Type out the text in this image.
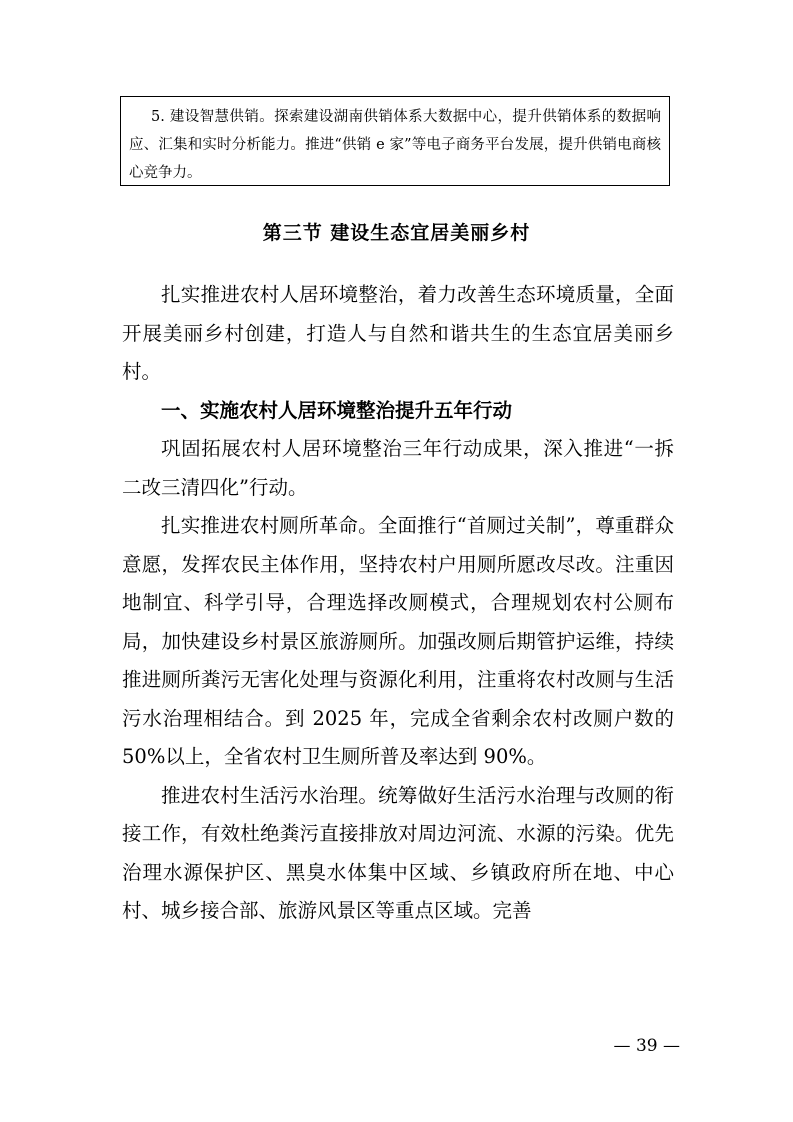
5. 建设智慧供销。探索建设湖南供销体系大数据中心，提升供销体系的数据响应、汇集和实时分析能力。推进“供销 e 家”等电子商务平台发展，提升供销电商核心竞争力。

第三节 建设生态宜居美丽乡村

扎实推进农村人居环境整治，着力改善生态环境质量，全面开展美丽乡村创建，打造人与自然和谐共生的生态宜居美丽乡村。

一、实施农村人居环境整治提升五年行动

巩固拓展农村人居环境整治三年行动成果，深入推进“一拆二改三清四化”行动。

扎实推进农村厕所革命。全面推行“首厕过关制”，尊重群众意愿，发挥农民主体作用，坚持农村户用厕所愿改尽改。注重因地制宜、科学引导，合理选择改厕模式，合理规划农村公厕布局，加快建设乡村景区旅游厕所。加强改厕后期管护运维，持续推进厕所粪污无害化处理与资源化利用，注重将农村改厕与生活污水治理相结合。到 2025 年，完成全省剩余农村改厕户数的 50%以上，全省农村卫生厕所普及率达到 90%。

推进农村生活污水治理。统筹做好生活污水治理与改厕的衔接工作，有效杜绝粪污直接排放对周边河流、水源的污染。优先治理水源保护区、黑臭水体集中区域、乡镇政府所在地、中心村、城乡接合部、旅游风景区等重点区域。完善

— 39 —
